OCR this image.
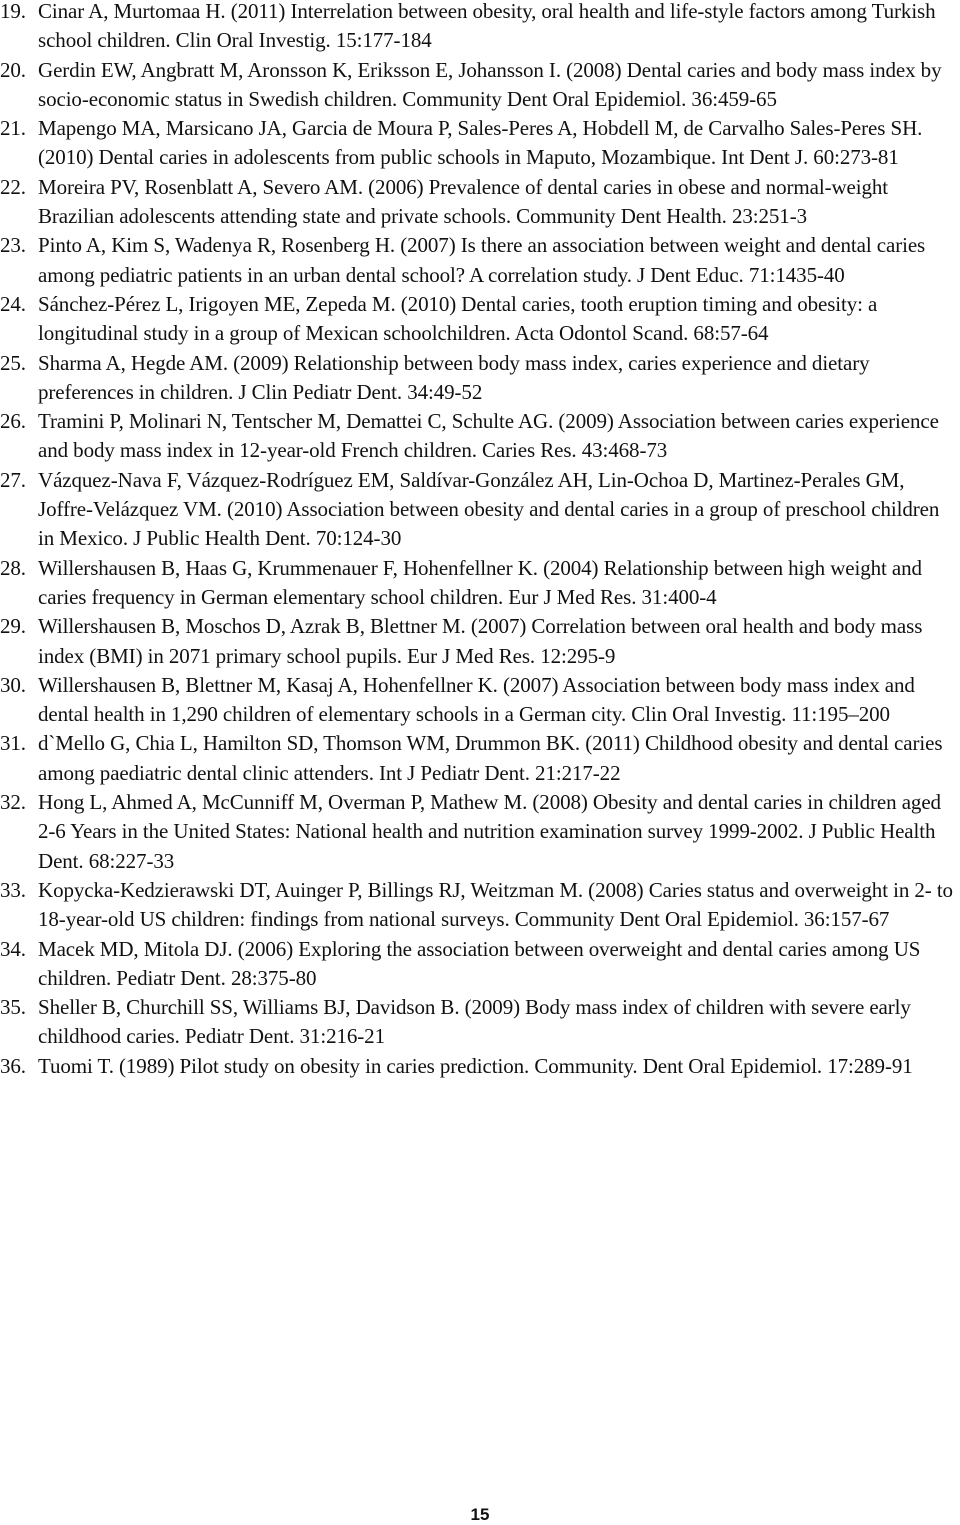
19. Cinar A, Murtomaa H. (2011) Interrelation between obesity, oral health and life-style factors among Turkish school children. Clin Oral Investig. 15:177-184
20. Gerdin EW, Angbratt M, Aronsson K, Eriksson E, Johansson I. (2008) Dental caries and body mass index by socio-economic status in Swedish children. Community Dent Oral Epidemiol. 36:459-65
21. Mapengo MA, Marsicano JA, Garcia de Moura P, Sales-Peres A, Hobdell M, de Carvalho Sales-Peres SH. (2010) Dental caries in adolescents from public schools in Maputo, Mozambique. Int Dent J. 60:273-81
22. Moreira PV, Rosenblatt A, Severo AM. (2006) Prevalence of dental caries in obese and normal-weight Brazilian adolescents attending state and private schools. Community Dent Health. 23:251-3
23. Pinto A, Kim S, Wadenya R, Rosenberg H. (2007) Is there an association between weight and dental caries among pediatric patients in an urban dental school? A correlation study. J Dent Educ. 71:1435-40
24. Sánchez-Pérez L, Irigoyen ME, Zepeda M. (2010) Dental caries, tooth eruption timing and obesity: a longitudinal study in a group of Mexican schoolchildren. Acta Odontol Scand. 68:57-64
25. Sharma A, Hegde AM. (2009) Relationship between body mass index, caries experience and dietary preferences in children. J Clin Pediatr Dent. 34:49-52
26. Tramini P, Molinari N, Tentscher M, Demattei C, Schulte AG. (2009) Association between caries experience and body mass index in 12-year-old French children. Caries Res. 43:468-73
27. Vázquez-Nava F, Vázquez-Rodríguez EM, Saldívar-González AH, Lin-Ochoa D, Martinez-Perales GM, Joffre-Velázquez VM. (2010) Association between obesity and dental caries in a group of preschool children in Mexico. J Public Health Dent. 70:124-30
28. Willershausen B, Haas G, Krummenauer F, Hohenfellner K. (2004) Relationship between high weight and caries frequency in German elementary school children. Eur J Med Res. 31:400-4
29. Willershausen B, Moschos D, Azrak B, Blettner M. (2007) Correlation between oral health and body mass index (BMI) in 2071 primary school pupils. Eur J Med Res. 12:295-9
30. Willershausen B, Blettner M, Kasaj A, Hohenfellner K. (2007) Association between body mass index and dental health in 1,290 children of elementary schools in a German city. Clin Oral Investig. 11:195–200
31. d`Mello G, Chia L, Hamilton SD, Thomson WM, Drummon BK. (2011) Childhood obesity and dental caries among paediatric dental clinic attenders. Int J Pediatr Dent. 21:217-22
32. Hong L, Ahmed A, McCunniff M, Overman P, Mathew M. (2008) Obesity and dental caries in children aged 2-6 Years in the United States: National health and nutrition examination survey 1999-2002. J Public Health Dent. 68:227-33
33. Kopycka-Kedzierawski DT, Auinger P, Billings RJ, Weitzman M. (2008) Caries status and overweight in 2- to 18-year-old US children: findings from national surveys. Community Dent Oral Epidemiol. 36:157-67
34. Macek MD, Mitola DJ. (2006) Exploring the association between overweight and dental caries among US children. Pediatr Dent. 28:375-80
35. Sheller B, Churchill SS, Williams BJ, Davidson B. (2009) Body mass index of children with severe early childhood caries. Pediatr Dent. 31:216-21
36. Tuomi T. (1989) Pilot study on obesity in caries prediction. Community. Dent Oral Epidemiol. 17:289-91
15
